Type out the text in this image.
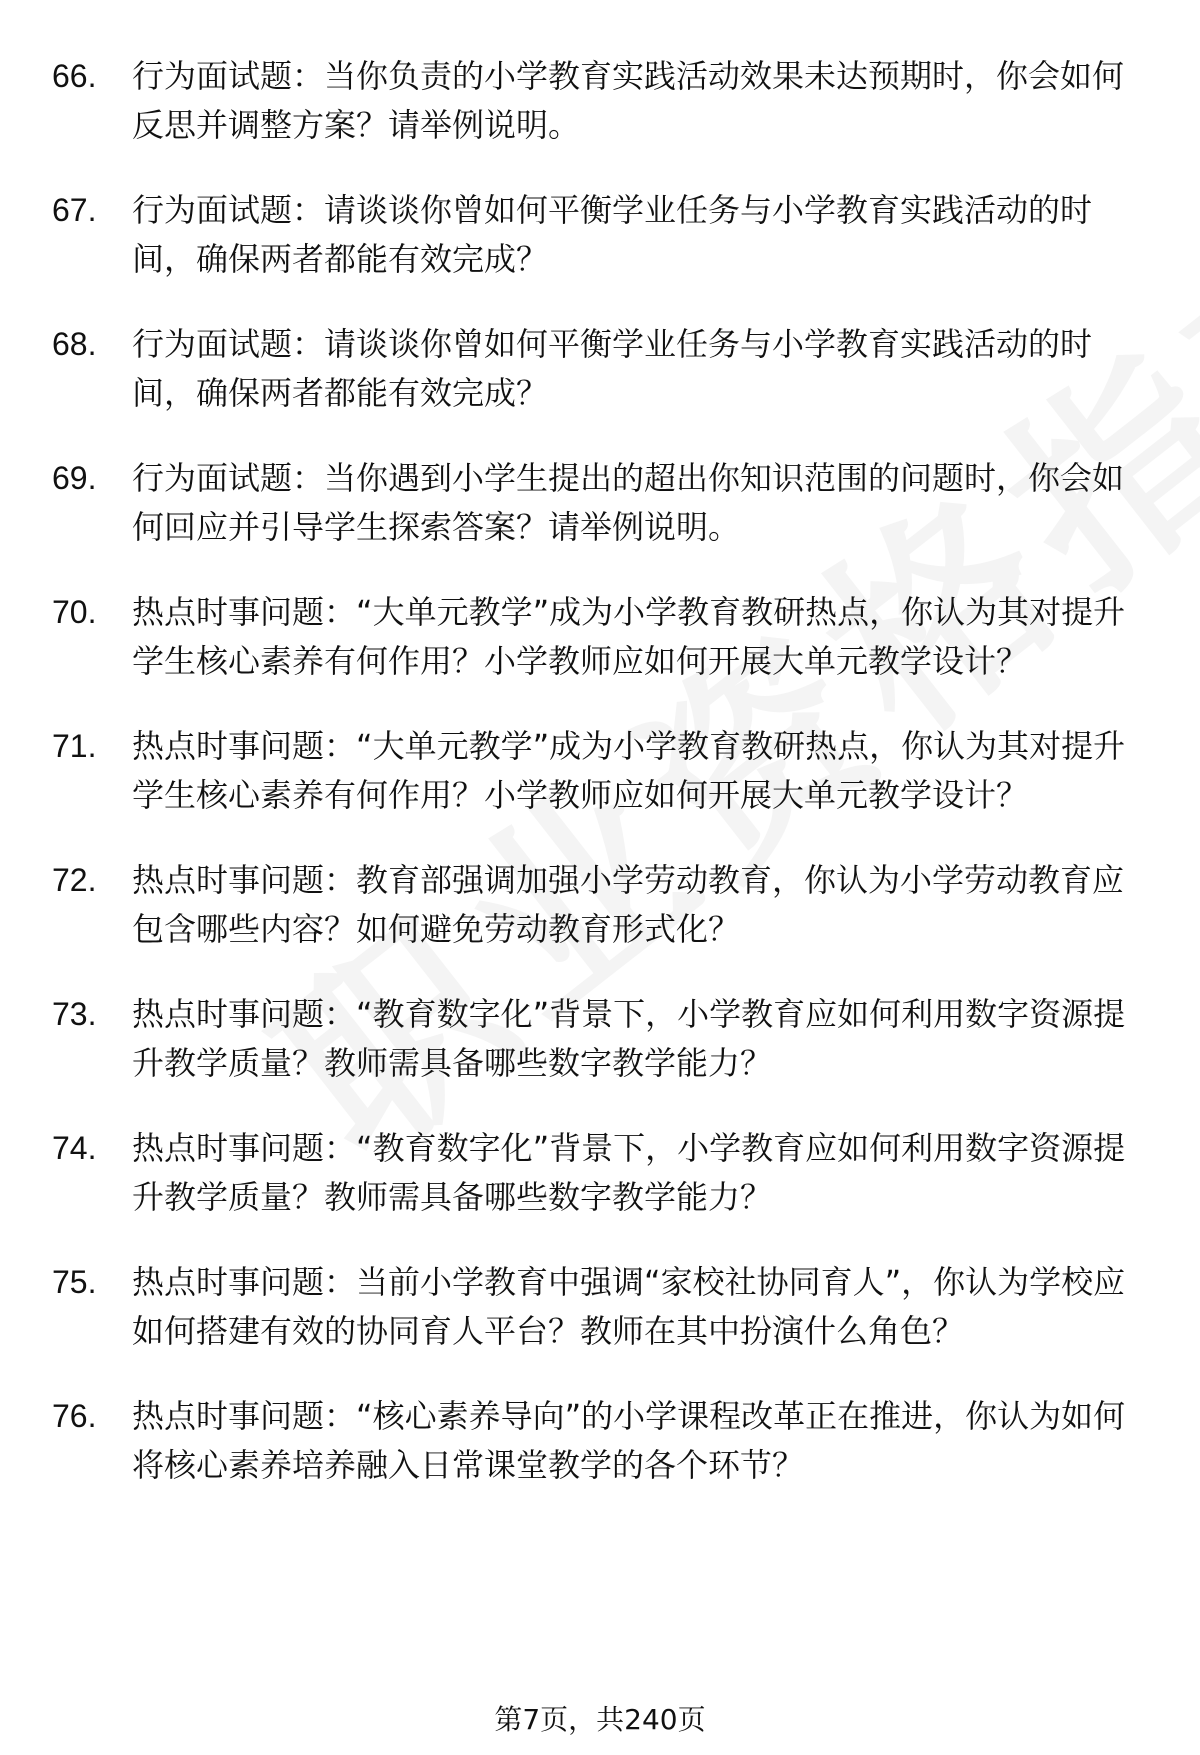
66.	行为面试题：当你负责的小学教育实践活动效果未达预期时，你会如何反思并调整方案？请举例说明。
67.	行为面试题：请谈谈你曾如何平衡学业任务与小学教育实践活动的时间，确保两者都能有效完成？
68.	行为面试题：请谈谈你曾如何平衡学业任务与小学教育实践活动的时间，确保两者都能有效完成？
69.	行为面试题：当你遇到小学生提出的超出你知识范围的问题时，你会如何回应并引导学生探索答案？请举例说明。
70.	热点时事问题：“大单元教学”成为小学教育教研热点，你认为其对提升学生核心素养有何作用？小学教师应如何开展大单元教学设计？
71.	热点时事问题：“大单元教学”成为小学教育教研热点，你认为其对提升学生核心素养有何作用？小学教师应如何开展大单元教学设计？
72.	热点时事问题：教育部强调加强小学劳动教育，你认为小学劳动教育应包含哪些内容？如何避免劳动教育形式化？
73.	热点时事问题：“教育数字化”背景下，小学教育应如何利用数字资源提升教学质量？教师需具备哪些数字教学能力？
74.	热点时事问题：“教育数字化”背景下，小学教育应如何利用数字资源提升教学质量？教师需具备哪些数字教学能力？
75.	热点时事问题：当前小学教育中强调“家校社协同育人”，你认为学校应如何搭建有效的协同育人平台？教师在其中扮演什么角色？
76.	热点时事问题：“核心素养导向”的小学课程改革正在推进，你认为如何将核心素养培养融入日常课堂教学的各个环节？
第7页，共240页
